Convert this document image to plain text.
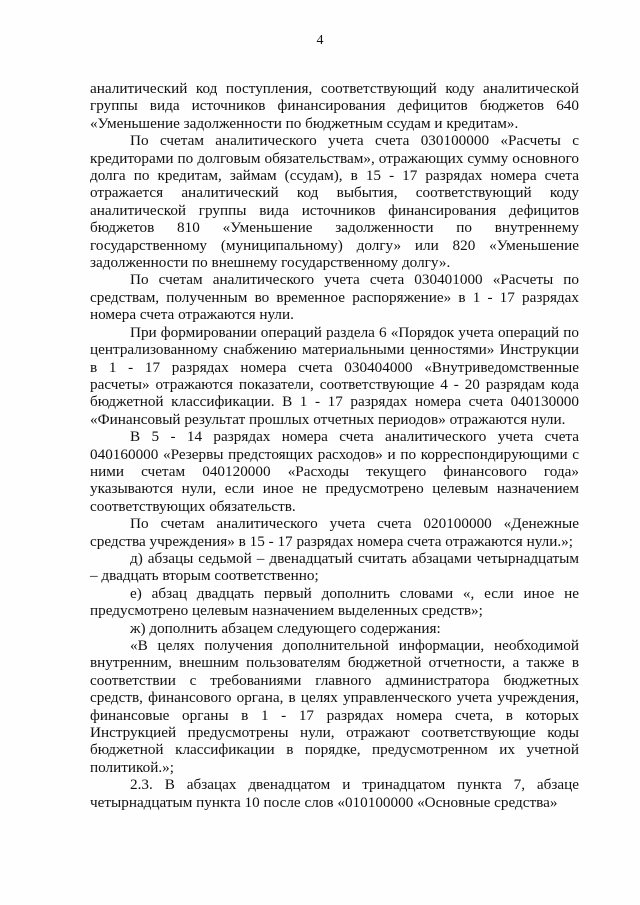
4

аналитический код поступления, соответствующий коду аналитической группы вида источников финансирования дефицитов бюджетов 640 «Уменьшение задолженности по бюджетным ссудам и кредитам».

По счетам аналитического учета счета 030100000 «Расчеты с кредиторами по долговым обязательствам», отражающих сумму основного долга по кредитам, займам (ссудам), в 15 - 17 разрядах номера счета отражается аналитический код выбытия, соответствующий коду аналитической группы вида источников финансирования дефицитов бюджетов 810 «Уменьшение задолженности по внутреннему государственному (муниципальному) долгу» или 820 «Уменьшение задолженности по внешнему государственному долгу».

По счетам аналитического учета счета 030401000 «Расчеты по средствам, полученным во временное распоряжение» в 1 - 17 разрядах номера счета отражаются нули.

При формировании операций раздела 6 «Порядок учета операций по централизованному снабжению материальными ценностями» Инструкции в 1 - 17 разрядах номера счета 030404000 «Внутриведомственные расчеты» отражаются показатели, соответствующие 4 - 20 разрядам кода бюджетной классификации. В 1 - 17 разрядах номера счета 040130000 «Финансовый результат прошлых отчетных периодов» отражаются нули.

В 5 - 14 разрядах номера счета аналитического учета счета 040160000 «Резервы предстоящих расходов» и по корреспондирующими с ними счетам 040120000 «Расходы текущего финансового года» указываются нули, если иное не предусмотрено целевым назначением соответствующих обязательств.

По счетам аналитического учета счета 020100000 «Денежные средства учреждения» в 15 - 17 разрядах номера счета отражаются нули.»;

д) абзацы седьмой – двенадцатый считать абзацами четырнадцатым – двадцать вторым соответственно;

е) абзац двадцать первый дополнить словами «, если иное не предусмотрено целевым назначением выделенных средств»;

ж) дополнить абзацем следующего содержания:

«В целях получения дополнительной информации, необходимой внутренним, внешним пользователям бюджетной отчетности, а также в соответствии с требованиями главного администратора бюджетных средств, финансового органа, в целях управленческого учета учреждения, финансовые органы в 1 - 17 разрядах номера счета, в которых Инструкцией предусмотрены нули, отражают соответствующие коды бюджетной классификации в порядке, предусмотренном их учетной политикой.»;

2.3. В абзацах двенадцатом и тринадцатом пункта 7, абзаце четырнадцатым пункта 10 после слов «010100000 «Основные средства»
